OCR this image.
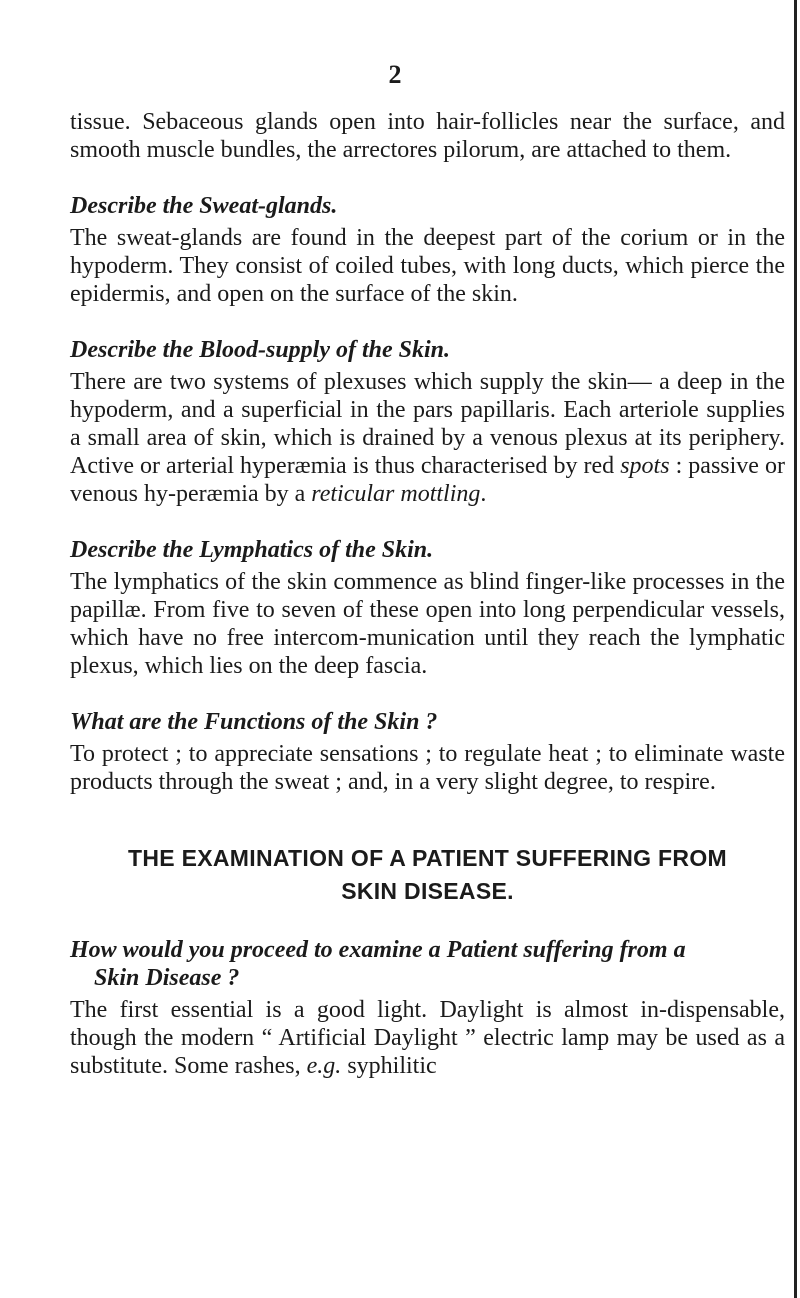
2

tissue. Sebaceous glands open into hair-follicles near the surface, and smooth muscle bundles, the arrectores pilorum, are attached to them.

Describe the Sweat-glands.

The sweat-glands are found in the deepest part of the corium or in the hypoderm. They consist of coiled tubes, with long ducts, which pierce the epidermis, and open on the surface of the skin.

Describe the Blood-supply of the Skin.

There are two systems of plexuses which supply the skin— a deep in the hypoderm, and a superficial in the pars papillaris. Each arteriole supplies a small area of skin, which is drained by a venous plexus at its periphery. Active or arterial hyperæmia is thus characterised by red spots : passive or venous hy-peræmia by a reticular mottling.

Describe the Lymphatics of the Skin.

The lymphatics of the skin commence as blind finger-like processes in the papillæ. From five to seven of these open into long perpendicular vessels, which have no free intercom-munication until they reach the lymphatic plexus, which lies on the deep fascia.

What are the Functions of the Skin ?

To protect ; to appreciate sensations ; to regulate heat ; to eliminate waste products through the sweat ; and, in a very slight degree, to respire.

THE EXAMINATION OF A PATIENT SUFFERING FROM
SKIN DISEASE.

How would you proceed to examine a Patient suffering from a
Skin Disease ?

The first essential is a good light. Daylight is almost in-dispensable, though the modern “ Artificial Daylight ” electric lamp may be used as a substitute. Some rashes, e.g. syphilitic
